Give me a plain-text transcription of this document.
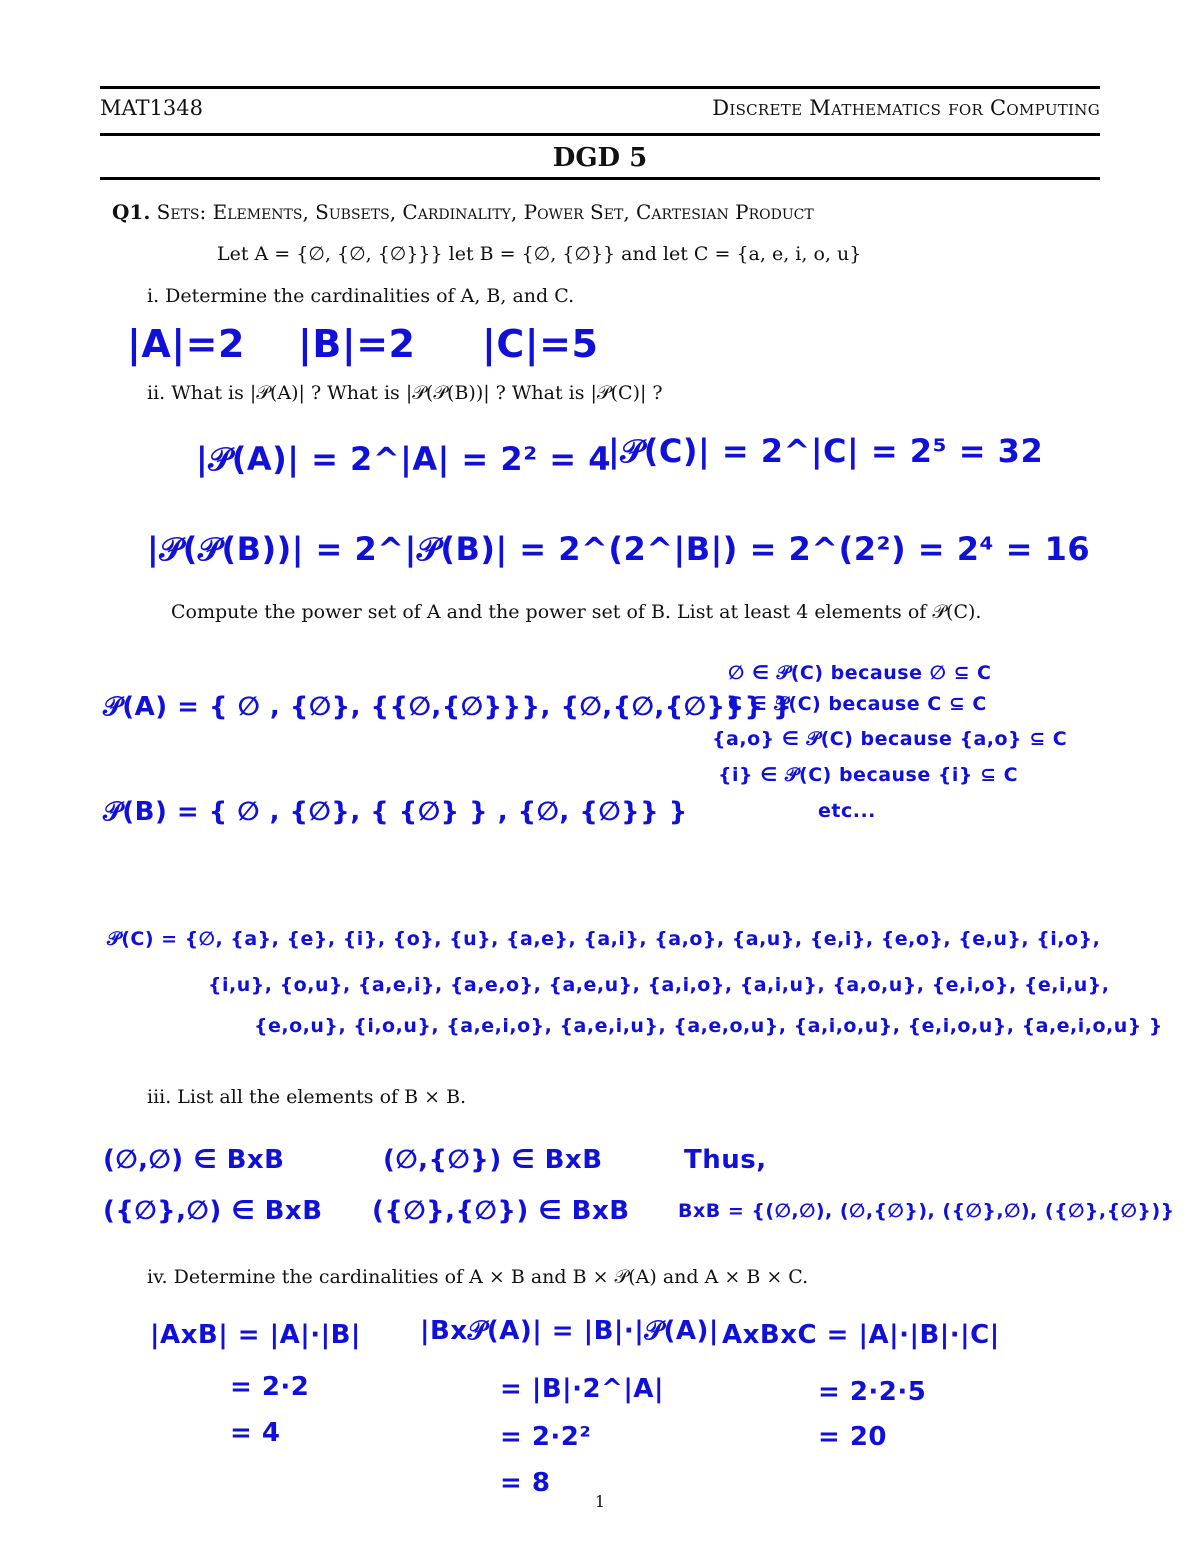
MAT1348	Discrete Mathematics for Computing
DGD 5
Q1. Sets: Elements, Subsets, Cardinality, Power Set, Cartesian Product
Let A = {∅, {∅, {∅}}} let B = {∅, {∅}} and let C = {a, e, i, o, u}
i. Determine the cardinalities of A, B, and C.
|A|=2 |B|=2 |C|=5
ii. What is |𝒫(A)| ? What is |𝒫(𝒫(B))| ? What is |𝒫(C)| ?
|𝒫(A)| = 2^|A| = 2² = 4
|𝒫(C)| = 2^|C| = 2⁵ = 32
|𝒫(𝒫(B))| = 2^|𝒫(B)| = 2^(2^|B|) = 2^(2²) = 2⁴ = 16
Compute the power set of A and the power set of B. List at least 4 elements of 𝒫(C).
𝒫(A) = { ∅ , {∅}, {{∅,{∅}}}, {∅,{∅,{∅}}} }
𝒫(B) = { ∅ , {∅}, { {∅} } , {∅, {∅}} }
∅ ∈ 𝒫(C) because ∅ ⊆ C
C ∈ 𝒫(C) because C ⊆ C
{a,o} ∈ 𝒫(C) because {a,o} ⊆ C
{i} ∈ 𝒫(C) because {i} ⊆ C
etc...
𝒫(C) = {∅, {a}, {e}, {i}, {o}, {u}, {a,e}, {a,i}, {a,o}, {a,u}, {e,i}, {e,o}, {e,u}, {i,o},
{i,u}, {o,u}, {a,e,i}, {a,e,o}, {a,e,u}, {a,i,o}, {a,i,u}, {a,o,u}, {e,i,o}, {e,i,u},
{e,o,u}, {i,o,u}, {a,e,i,o}, {a,e,i,u}, {a,e,o,u}, {a,i,o,u}, {e,i,o,u}, {a,e,i,o,u} }
iii. List all the elements of B × B.
(∅,∅) ∈ BxB	(∅,{∅}) ∈ BxB
({∅},∅) ∈ BxB ({∅},{∅}) ∈ BxB
Thus,
BxB = {(∅,∅), (∅,{∅}), ({∅},∅), ({∅},{∅})}
iv. Determine the cardinalities of A × B and B × 𝒫(A) and A × B × C.
|AxB| = |A|·|B|
= 2·2
= 4
|Bx𝒫(A)| = |B|·|𝒫(A)|
= |B|·2^|A|
= 2·2²
= 8
AxBxC = |A|·|B|·|C|
= 2·2·5
= 20
1
